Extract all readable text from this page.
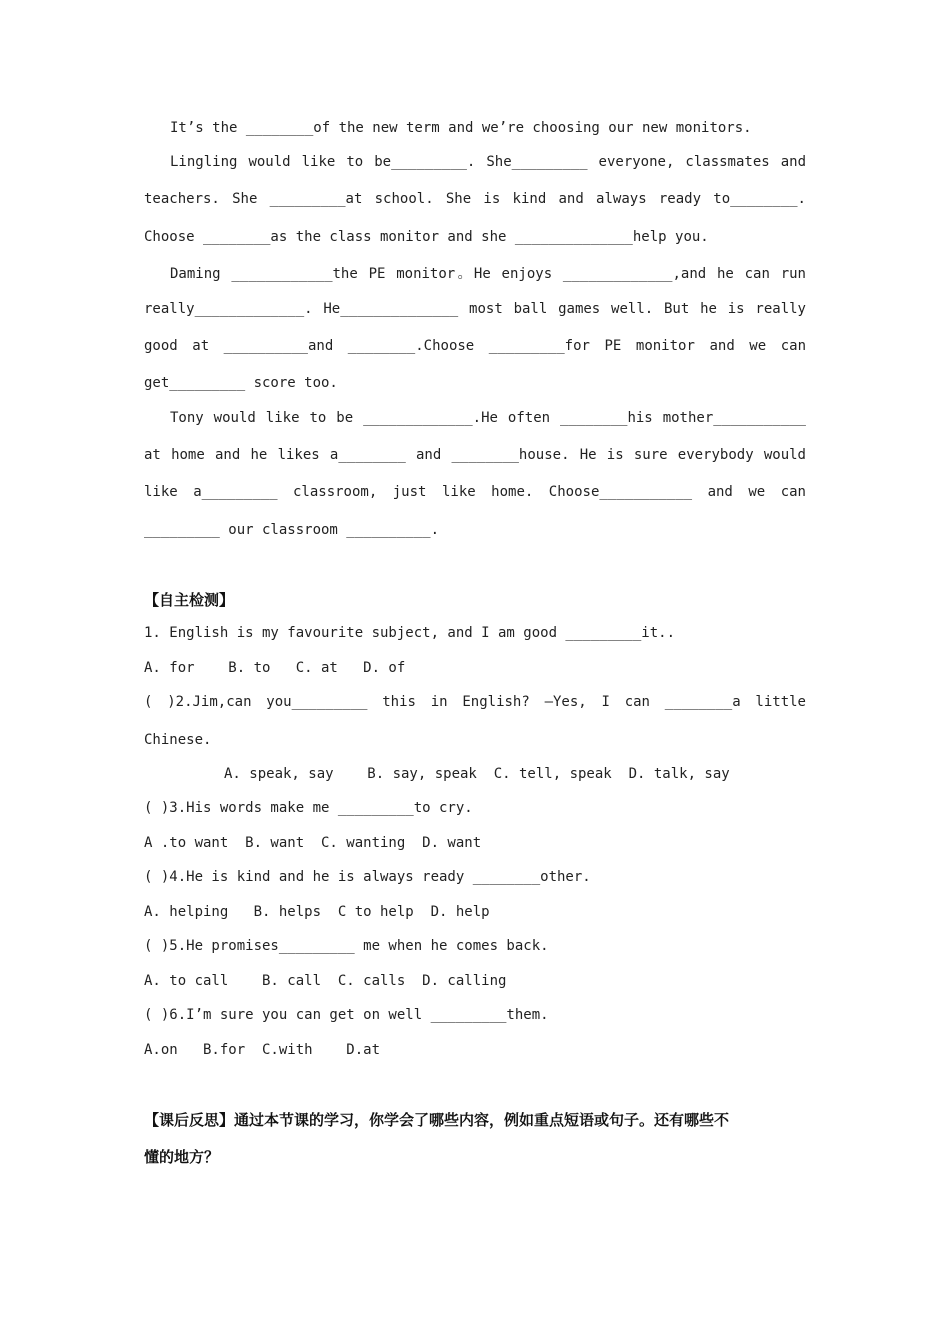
It’s the ________of the new term and we’re choosing our new monitors.
Lingling would like to be_________. She_________ everyone, classmates and
teachers. She _________at school. She is kind and always ready to________.
Choose ________as the class monitor and she ______________help you.
Daming ____________the PE monitor。He enjoys _____________,and he can run
really_____________. He______________ most ball games well. But he is really
good at __________and ________.Choose _________for PE monitor and we can
get_________ score too.
Tony would like to be _____________.He often ________his mother___________
at home and he likes a________ and ________house. He is sure everybody would
like a_________ classroom, just like home. Choose___________ and we can
_________ our classroom __________.
【自主检测】
1. English is my favourite subject, and I am good _________it..
A. for    B. to   C. at   D. of
( )2.Jim,can you_________ this in English? —Yes, I can ________a little
Chinese.
A. speak, say    B. say, speak  C. tell, speak  D. talk, say
( )3.His words make me _________to cry.
A .to want  B. want  C. wanting  D. want
( )4.He is kind and he is always ready ________other.
A. helping   B. helps  C to help  D. help
( )5.He promises_________ me when he comes back.
A. to call    B. call  C. calls  D. calling
( )6.I’m sure you can get on well _________them.
A.on   B.for  C.with    D.at
【课后反思】通过本节课的学习，你学会了哪些内容，例如重点短语或句子。还有哪些不
懂的地方？
